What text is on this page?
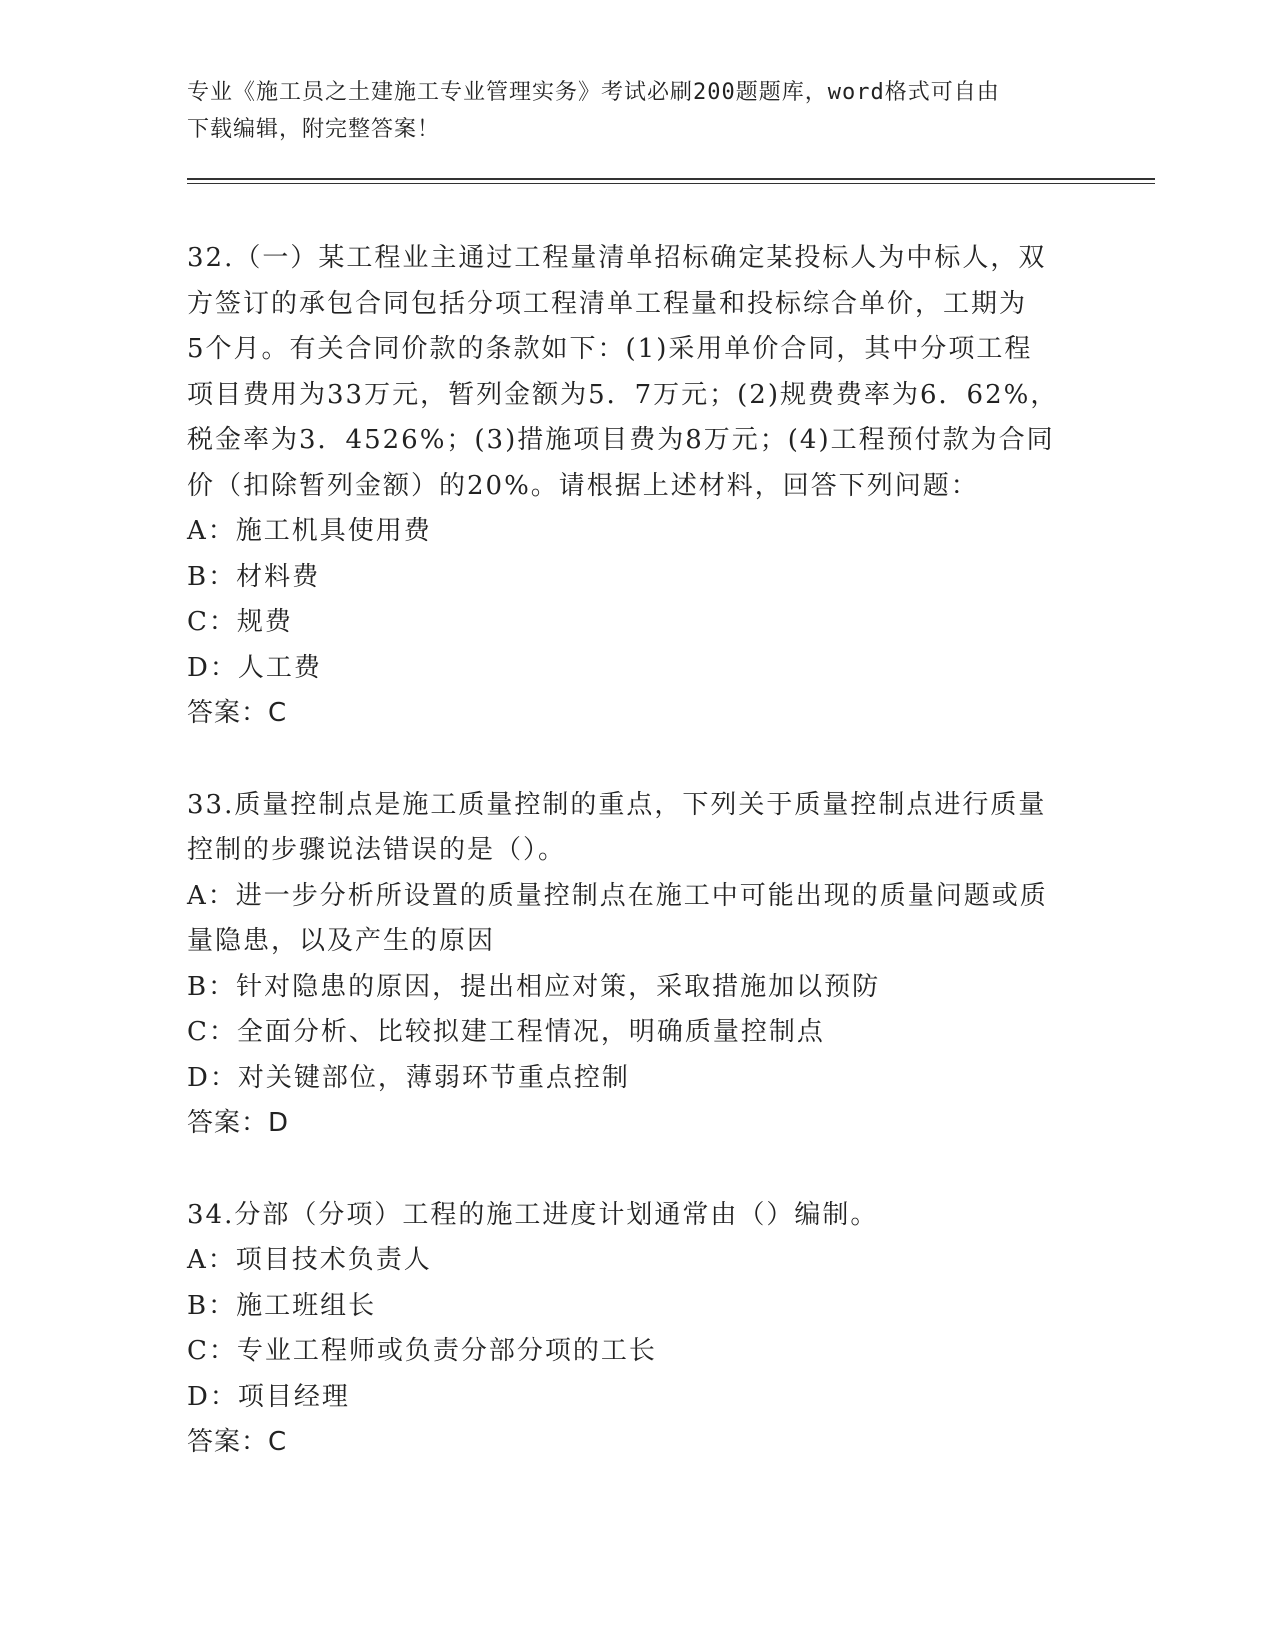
专业《施工员之土建施工专业管理实务》考试必刷200题题库，word格式可自由
下载编辑，附完整答案！

32.（一）某工程业主通过工程量清单招标确定某投标人为中标人，双

方签订的承包合同包括分项工程清单工程量和投标综合单价，工期为

5个月。有关合同价款的条款如下：(1)采用单价合同，其中分项工程

项目费用为33万元，暂列金额为5．7万元；(2)规费费率为6．62%，

税金率为3．4526%；(3)措施项目费为8万元；(4)工程预付款为合同

价（扣除暂列金额）的20%。请根据上述材料，回答下列问题：

A：施工机具使用费

B：材料费

C：规费

D：人工费

答案：C

33.质量控制点是施工质量控制的重点，下列关于质量控制点进行质量

控制的步骤说法错误的是（）。

A：进一步分析所设置的质量控制点在施工中可能出现的质量问题或质

量隐患，以及产生的原因

B：针对隐患的原因，提出相应对策，采取措施加以预防

C：全面分析、比较拟建工程情况，明确质量控制点

D：对关键部位，薄弱环节重点控制

答案：D

34.分部（分项）工程的施工进度计划通常由（）编制。

A：项目技术负责人

B：施工班组长

C：专业工程师或负责分部分项的工长

D：项目经理

答案：C
